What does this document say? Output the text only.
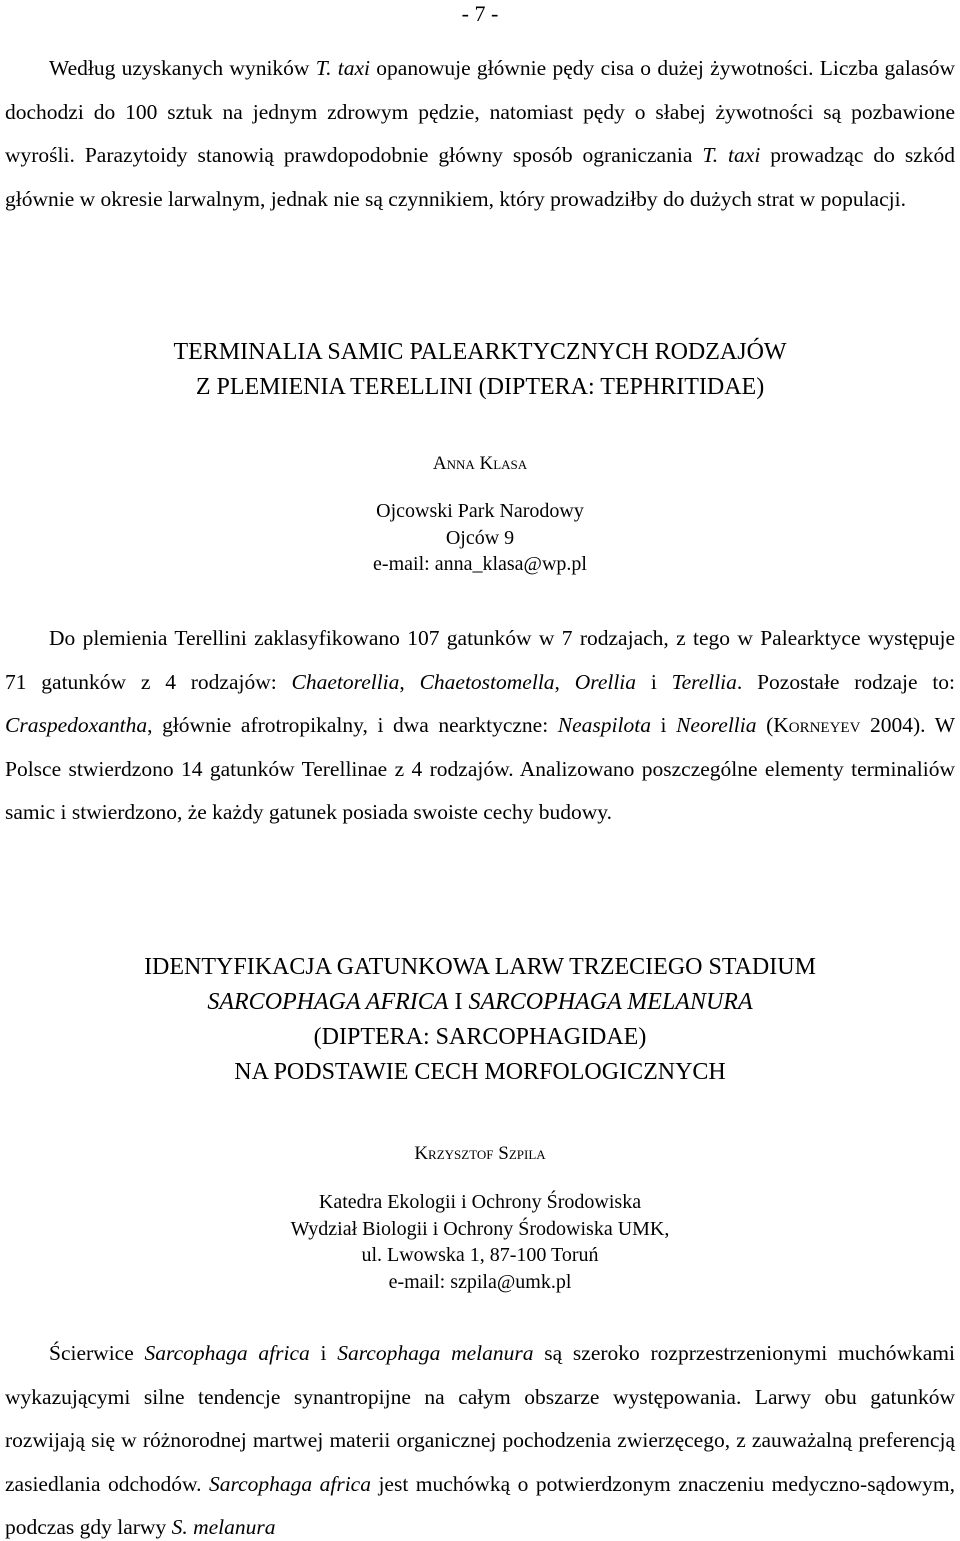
- 7 -
Według uzyskanych wyników T. taxi opanowuje głównie pędy cisa o dużej żywotności. Liczba galasów dochodzi do 100 sztuk na jednym zdrowym pędzie, natomiast pędy o słabej żywotności są pozbawione wyrośli. Parazytoidy stanowią prawdopodobnie główny sposób ograniczania T. taxi prowadząc do szkód głównie w okresie larwalnym, jednak nie są czynnikiem, który prowadziłby do dużych strat w populacji.
TERMINALIA SAMIC PALEARKTYCZNYCH RODZAJÓW
Z PLEMIENIA TERELLINI (DIPTERA: TEPHRITIDAE)
Anna Klasa
Ojcowski Park Narodowy
Ojców 9
e-mail: anna_klasa@wp.pl
Do plemienia Terellini zaklasyfikowano 107 gatunków w 7 rodzajach, z tego w Palearktyce występuje 71 gatunków z 4 rodzajów: Chaetorellia, Chaetostomella, Orellia i Terellia. Pozostałe rodzaje to: Craspedoxantha, głównie afrotropikalny, i dwa nearktyczne: Neaspilota i Neorellia (Korneyev 2004). W Polsce stwierdzono 14 gatunków Terellinae z 4 rodzajów. Analizowano poszczególne elementy terminaliów samic i stwierdzono, że każdy gatunek posiada swoiste cechy budowy.
IDENTYFIKACJA GATUNKOWA LARW TRZECIEGO STADIUM
SARCOPHAGA AFRICA I SARCOPHAGA MELANURA
(DIPTERA: SARCOPHAGIDAE)
NA PODSTAWIE CECH MORFOLOGICZNYCH
Krzysztof Szpila
Katedra Ekologii i Ochrony Środowiska
Wydział Biologii i Ochrony Środowiska UMK,
ul. Lwowska 1, 87-100 Toruń
e-mail: szpila@umk.pl
Ścierwice Sarcophaga africa i Sarcophaga melanura są szeroko rozprzestrzenionymi muchówkami wykazującymi silne tendencje synantropijne na całym obszarze występowania. Larwy obu gatunków rozwijają się w różnorodnej martwej materii organicznej pochodzenia zwierzęcego, z zauważalną preferencją zasiedlania odchodów. Sarcophaga africa jest muchówką o potwierdzonym znaczeniu medyczno-sądowym, podczas gdy larwy S. melanura
